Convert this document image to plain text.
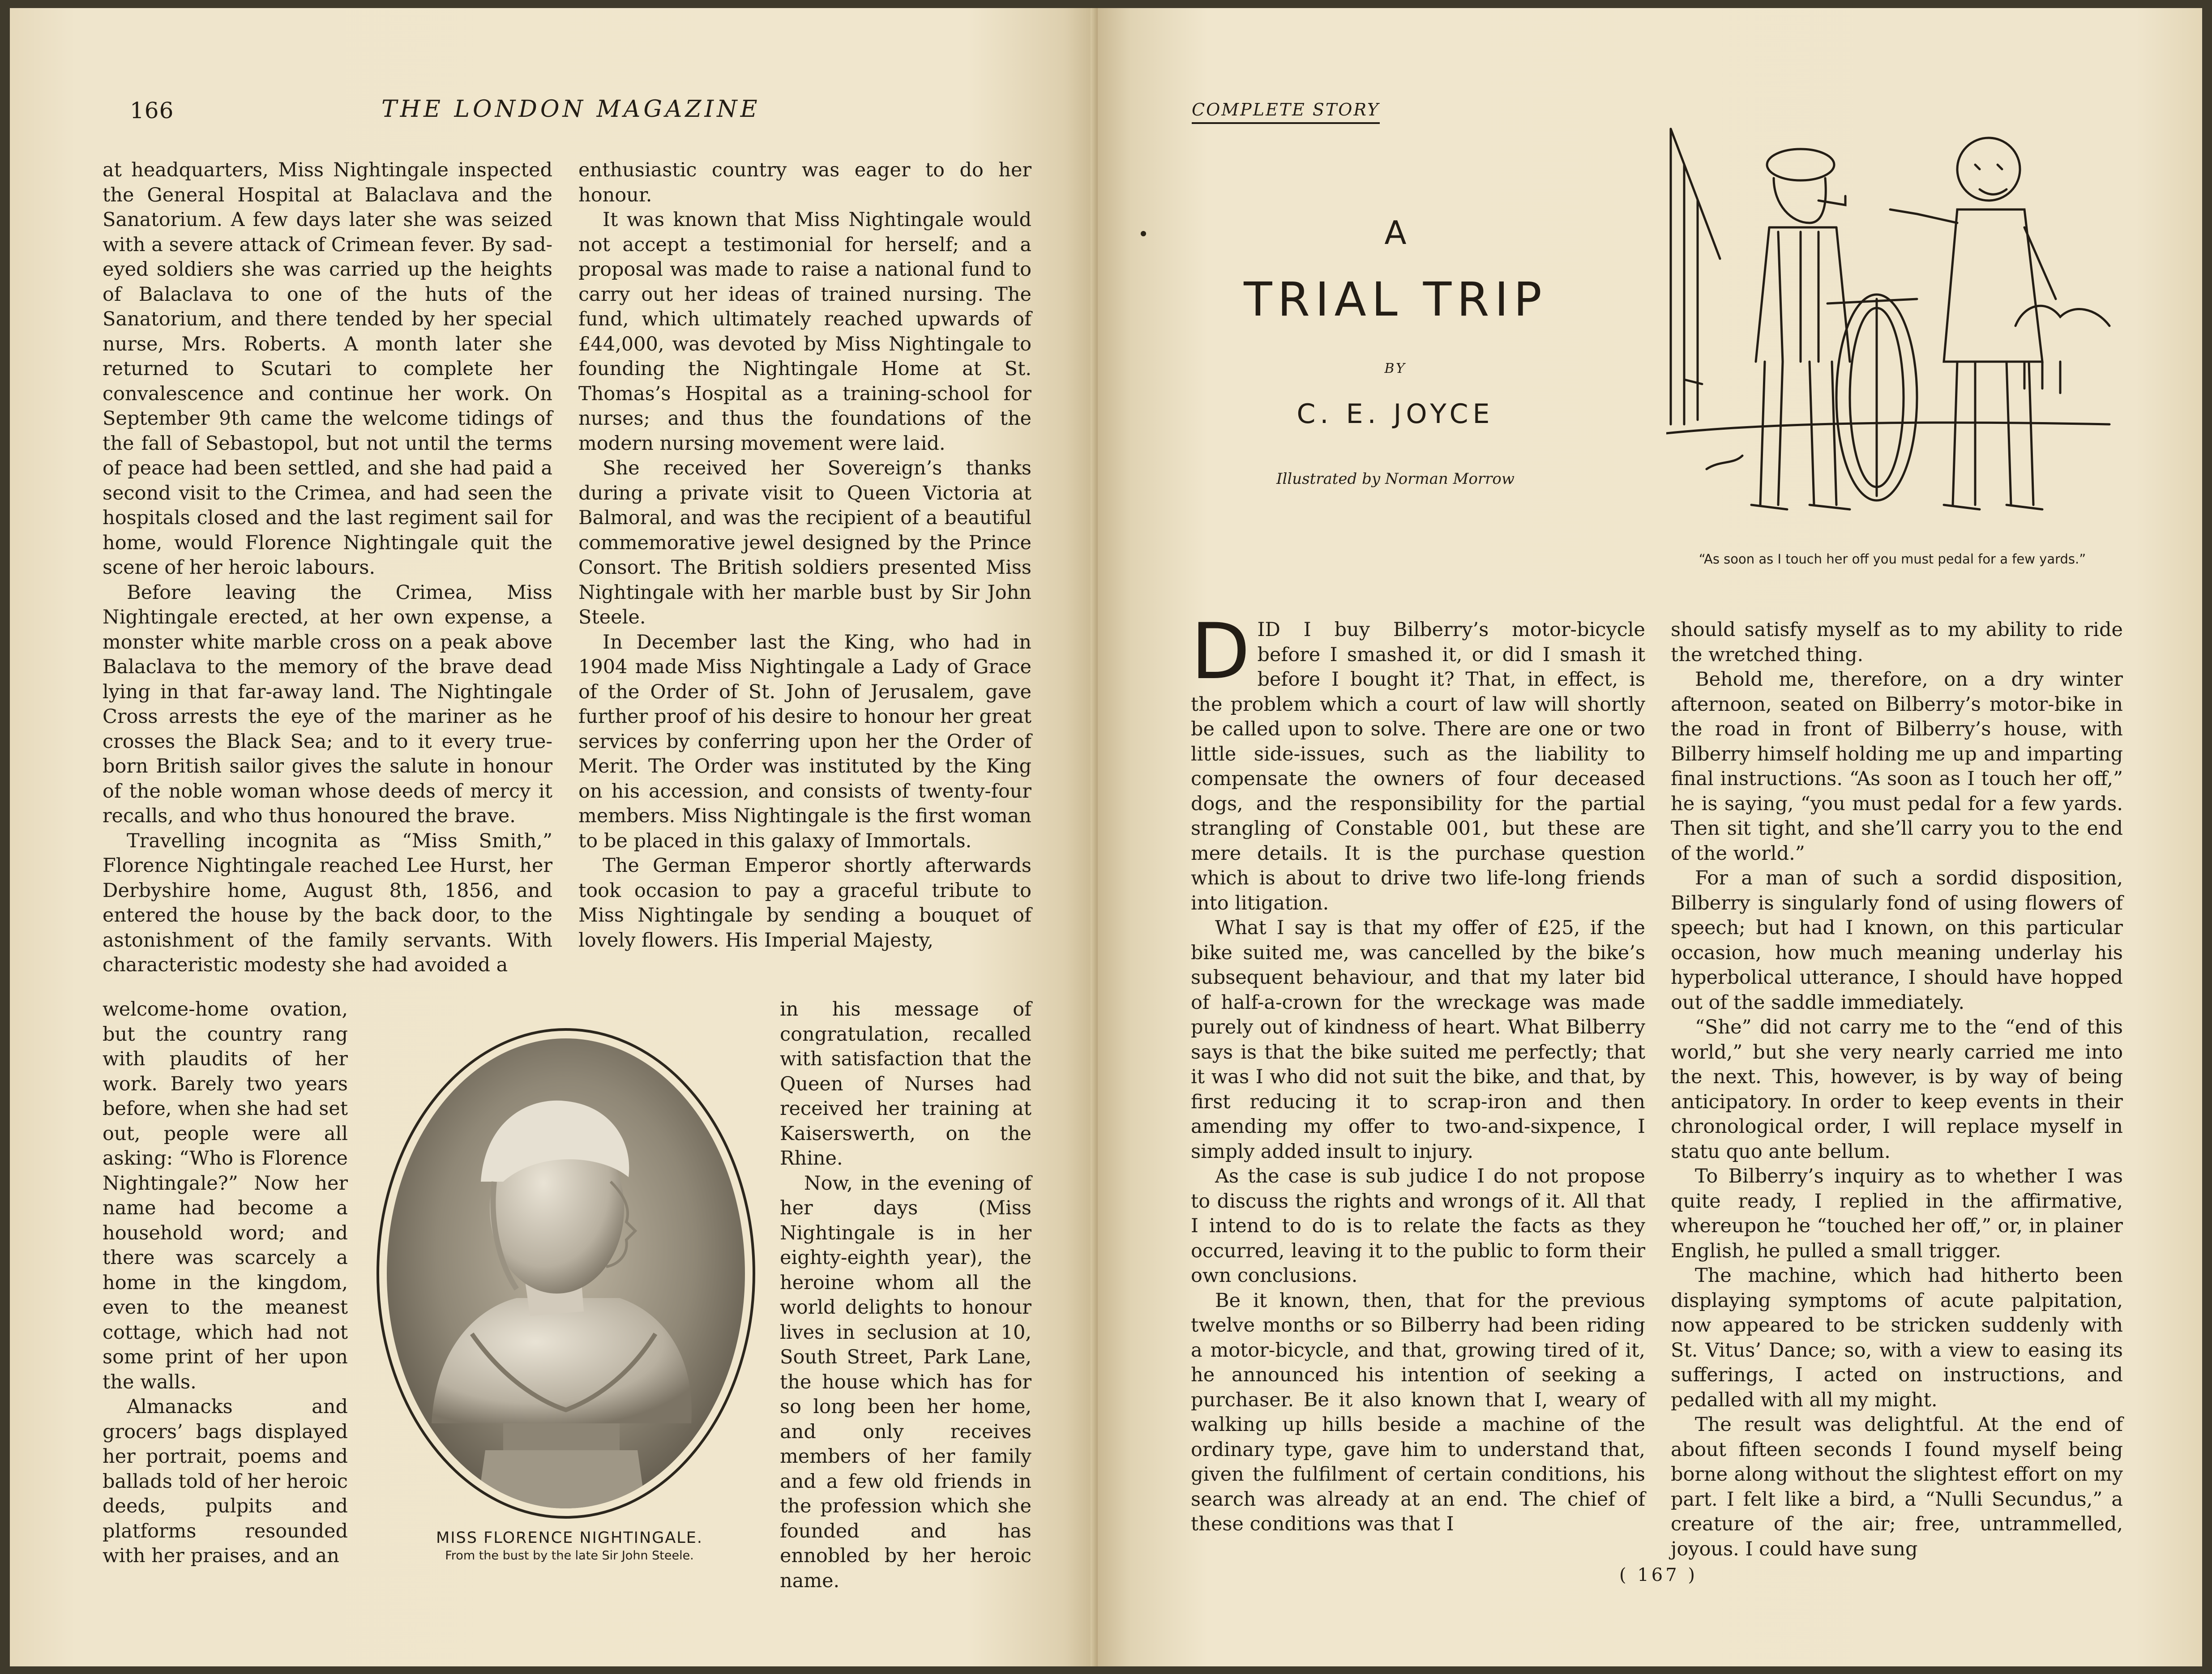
166	THE LONDON MAGAZINE

at headquarters, Miss Nightingale inspected the General Hospital at Balaclava and the Sanatorium. A few days later she was seized with a severe attack of Crimean fever. By sad-eyed soldiers she was carried up the heights of Balaclava to one of the huts of the Sanatorium, and there tended by her special nurse, Mrs. Roberts. A month later she returned to Scutari to complete her convalescence and continue her work. On September 9th came the welcome tidings of the fall of Sebastopol, but not until the terms of peace had been settled, and she had paid a second visit to the Crimea, and had seen the hospitals closed and the last regiment sail for home, would Florence Nightingale quit the scene of her heroic labours.

Before leaving the Crimea, Miss Nightingale erected, at her own expense, a monster white marble cross on a peak above Balaclava to the memory of the brave dead lying in that far-away land. The Nightingale Cross arrests the eye of the mariner as he crosses the Black Sea; and to it every true-born British sailor gives the salute in honour of the noble woman whose deeds of mercy it recalls, and who thus honoured the brave.

Travelling incognita as “Miss Smith,” Florence Nightingale reached Lee Hurst, her Derbyshire home, August 8th, 1856, and entered the house by the back door, to the astonishment of the family servants. With characteristic modesty she had avoided a

welcome-home ovation, but the country rang with plaudits of her work. Barely two years before, when she had set out, people were all asking: “Who is Florence Nightingale?” Now her name had become a household word; and there was scarcely a home in the kingdom, even to the meanest cottage, which had not some print of her upon the walls.

Almanacks and grocers’ bags displayed her portrait, poems and ballads told of her heroic deeds, pulpits and platforms resounded with her praises, and an

enthusiastic country was eager to do her honour.

It was known that Miss Nightingale would not accept a testimonial for herself; and a proposal was made to raise a national fund to carry out her ideas of trained nursing. The fund, which ultimately reached upwards of £44,000, was devoted by Miss Nightingale to founding the Nightingale Home at St. Thomas’s Hospital as a training-school for nurses; and thus the foundations of the modern nursing movement were laid.

She received her Sovereign’s thanks during a private visit to Queen Victoria at Balmoral, and was the recipient of a beautiful commemorative jewel designed by the Prince Consort. The British soldiers presented Miss Nightingale with her marble bust by Sir John Steele.

In December last the King, who had in 1904 made Miss Nightingale a Lady of Grace of the Order of St. John of Jerusalem, gave further proof of his desire to honour her great services by conferring upon her the Order of Merit. The Order was instituted by the King on his accession, and consists of twenty-four members. Miss Nightingale is the first woman to be placed in this galaxy of Immortals.

The German Emperor shortly afterwards took occasion to pay a graceful tribute to Miss Nightingale by sending a bouquet of lovely flowers. His Imperial Majesty,

in his message of congratulation, recalled with satisfaction that the Queen of Nurses had received her training at Kaiserswerth, on the Rhine.

Now, in the evening of her days (Miss Nightingale is in her eighty-eighth year), the heroine whom all the world delights to honour lives in seclusion at 10, South Street, Park Lane, the house which has for so long been her home, and only receives members of her family and a few old friends in the profession which she founded and has ennobled by her heroic name.

MISS FLORENCE NIGHTINGALE.
From the bust by the late Sir John Steele.
COMPLETE STORY
A
TRIAL TRIP
BY
C. E. JOYCE
Illustrated by Norman Morrow
“As soon as I touch her off you must pedal for a few yards.”

DID I buy Bilberry’s motor-bicycle before I smashed it, or did I smash it before I bought it? That, in effect, is the problem which a court of law will shortly be called upon to solve. There are one or two little side-issues, such as the liability to compensate the owners of four deceased dogs, and the responsibility for the partial strangling of Constable 001, but these are mere details. It is the purchase question which is about to drive two life-long friends into litigation.

What I say is that my offer of £25, if the bike suited me, was cancelled by the bike’s subsequent behaviour, and that my later bid of half-a-crown for the wreckage was made purely out of kindness of heart. What Bilberry says is that the bike suited me perfectly; that it was I who did not suit the bike, and that, by first reducing it to scrap-iron and then amending my offer to two-and-sixpence, I simply added insult to injury.

As the case is sub judice I do not propose to discuss the rights and wrongs of it. All that I intend to do is to relate the facts as they occurred, leaving it to the public to form their own conclusions.

Be it known, then, that for the previous twelve months or so Bilberry had been riding a motor-bicycle, and that, growing tired of it, he announced his intention of seeking a purchaser. Be it also known that I, weary of walking up hills beside a machine of the ordinary type, gave him to understand that, given the fulfilment of certain conditions, his search was already at an end. The chief of these conditions was that I

should satisfy myself as to my ability to ride the wretched thing.

Behold me, therefore, on a dry winter afternoon, seated on Bilberry’s motor-bike in the road in front of Bilberry’s house, with Bilberry himself holding me up and imparting final instructions. “As soon as I touch her off,” he is saying, “you must pedal for a few yards. Then sit tight, and she’ll carry you to the end of the world.”

For a man of such a sordid disposition, Bilberry is singularly fond of using flowers of speech; but had I known, on this particular occasion, how much meaning underlay his hyperbolical utterance, I should have hopped out of the saddle immediately.

“She” did not carry me to the “end of this world,” but she very nearly carried me into the next. This, however, is by way of being anticipatory. In order to keep events in their chronological order, I will replace myself in statu quo ante bellum.

To Bilberry’s inquiry as to whether I was quite ready, I replied in the affirmative, whereupon he “touched her off,” or, in plainer English, he pulled a small trigger.

The machine, which had hitherto been displaying symptoms of acute palpitation, now appeared to be stricken suddenly with St. Vitus’ Dance; so, with a view to easing its sufferings, I acted on instructions, and pedalled with all my might.

The result was delightful. At the end of about fifteen seconds I found myself being borne along without the slightest effort on my part. I felt like a bird, a “Nulli Secundus,” a creature of the air; free, untrammelled, joyous. I could have sung

( 167 )
